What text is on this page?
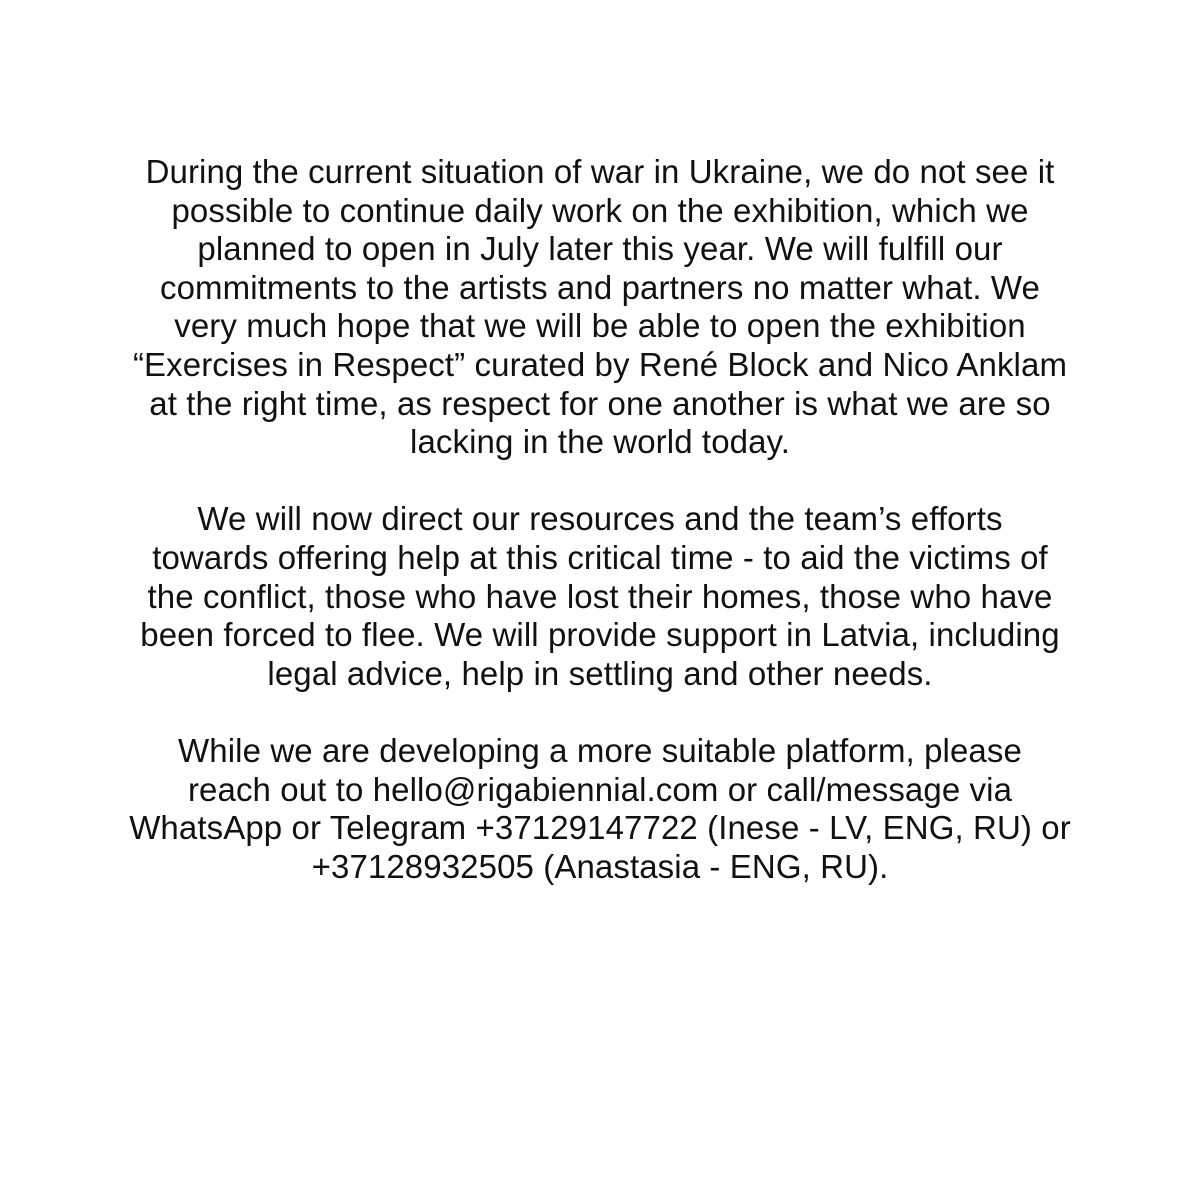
During the current situation of war in Ukraine, we do not see it
possible to continue daily work on the exhibition, which we
planned to open in July later this year. We will fulfill our
commitments to the artists and partners no matter what. We
very much hope that we will be able to open the exhibition
“Exercises in Respect” curated by René Block and Nico Anklam
at the right time, as respect for one another is what we are so
lacking in the world today.

We will now direct our resources and the team’s efforts
towards offering help at this critical time - to aid the victims of
the conflict, those who have lost their homes, those who have
been forced to flee. We will provide support in Latvia, including
legal advice, help in settling and other needs.

While we are developing a more suitable platform, please
reach out to hello@rigabiennial.com or call/message via
WhatsApp or Telegram +37129147722 (Inese - LV, ENG, RU) or
+37128932505 (Anastasia - ENG, RU).
